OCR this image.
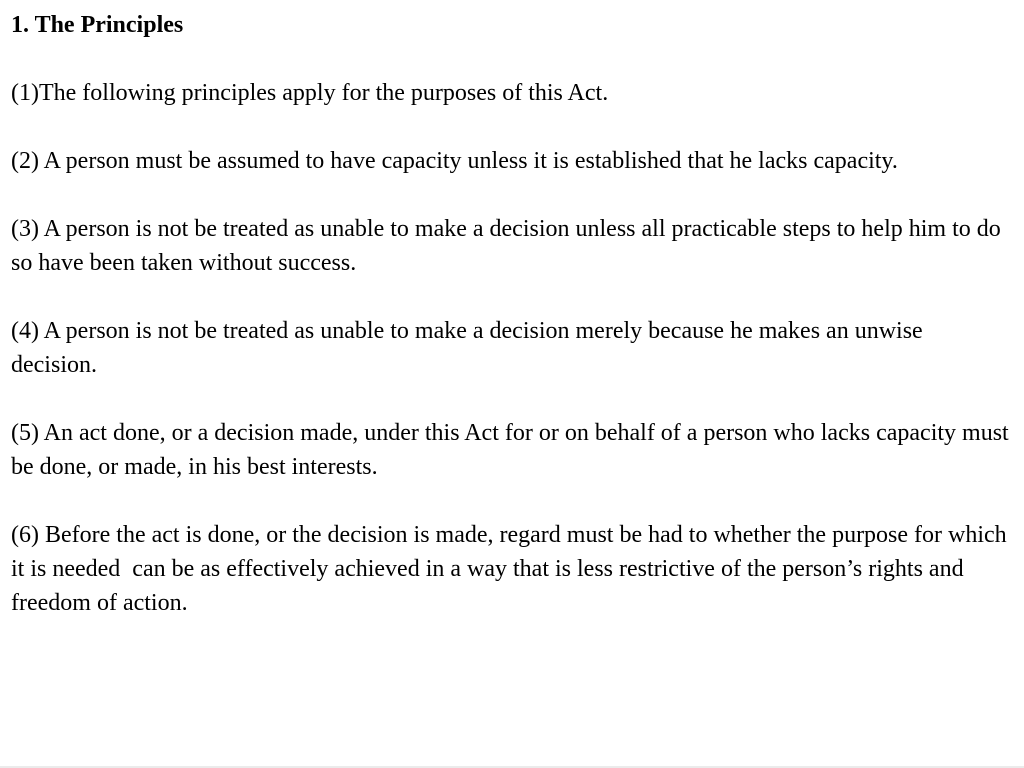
1. The Principles

(1)The following principles apply for the purposes of this Act.

(2) A person must be assumed to have capacity unless it is established that he lacks capacity.

(3) A person is not be treated as unable to make a decision unless all practicable steps to help him to do so have been taken without success.

(4) A person is not be treated as unable to make a decision merely because he makes an unwise decision.

(5) An act done, or a decision made, under this Act for or on behalf of a person who lacks capacity must be done, or made, in his best interests.

(6) Before the act is done, or the decision is made, regard must be had to whether the purpose for which it is needed  can be as effectively achieved in a way that is less restrictive of the person’s rights and freedom of action.
